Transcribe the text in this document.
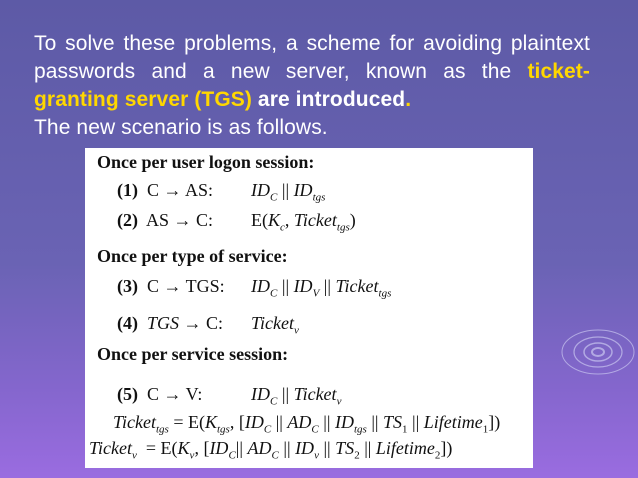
To solve these problems, a scheme for avoiding plaintext passwords and a new server, known as the ticket-granting server (TGS) are introduced.
The new scenario is as follows.

Once per user logon session:
(1)  C → AS: $ID_C$ || $ID_{tgs}$
(2)  AS → C: $E(K_c$, Ticket$_{tgs}$)
Once per type of service:
(3)  C → TGS: $ID_C$ || $ID_V$ || Ticket$_{tgs}$
(4) TGS → C: Ticket$_v$
Once per service session:
(5)  C → V:	$ID_C$ || Ticket$_v$
Ticket$_{tgs}$ = $E(K_{tgs}$, [$ID_C$ || $AD_C$ || $ID_{tgs}$ || $TS_1$ || Lifetime$_1$])
Ticket$_v$  = $E(K_v$, [$ID_C||$ $AD_C$ || $ID_v$ || $TS_2$ || Lifetime$_2$])
